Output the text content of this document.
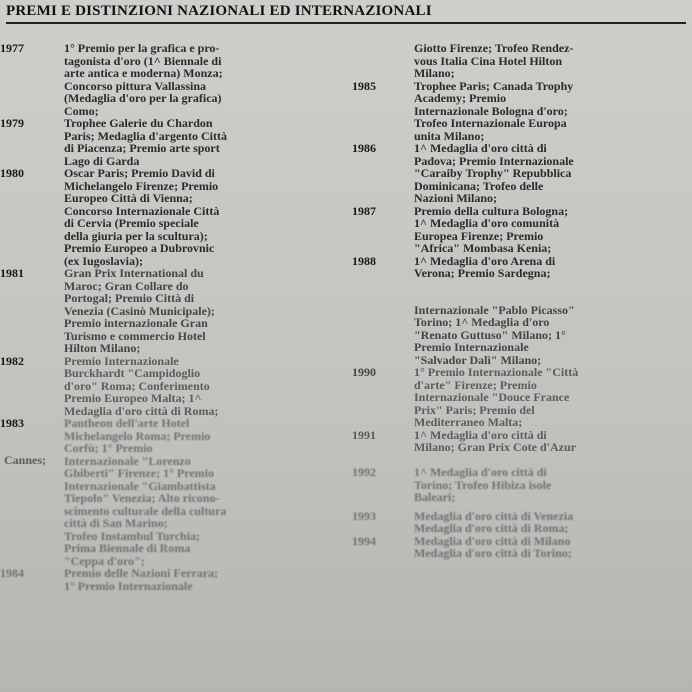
PREMI E DISTINZIONI NAZIONALI ED INTERNAZIONALI
1977	1° Premio per la grafica e pro-
tagonista d'oro (1^ Biennale di
arte antica e moderna) Monza;
Concorso pittura Vallassina
(Medaglia d'oro per la grafica)
Como;
1979	Trophee Galerie du Chardon
Paris; Medaglia d'argento Città
di Piacenza; Premio arte sport
Lago di Garda
1980	Oscar Paris; Premio David di
Michelangelo Firenze; Premio
Europeo Città di Vienna;
Concorso Internazionale Città
di Cervia (Premio speciale
della giuria per la scultura);
Premio Europeo a Dubrovnic
(ex Iugoslavia);
1981	Gran Prix International du
Maroc; Gran Collare do
Portogal; Premio Città di
Venezia (Casinò Municipale);
Premio internazionale Gran
Turismo e commercio Hotel
Hilton Milano;
1982	Premio Internazionale
Burckhardt "Campidoglio
d'oro" Roma; Conferimento
Premio Europeo Malta; 1^
Medaglia d'oro città di Roma;
1983	Pantheon dell'arte Hotel
Michelangelo Roma; Premio
Corfù; 1° Premio
Internazionale "Lorenzo
Ghiberti" Firenze; 1° Premio
Internazionale "Giambattista
Tiepolo" Venezia; Alto ricono-
scimento culturale della cultura
città di San Marino;
Trofeo Instambul Turchia;
Prima Biennale di Roma
"Ceppa d'oro";
1984	Premio delle Nazioni Ferrara;
1° Premio Internazionale
Giotto Firenze; Trofeo Rendez-
vous Italia Cina Hotel Hilton
Milano;
1985	Trophee Paris; Canada Trophy
Academy; Premio
Internazionale Bologna d'oro;
Trofeo Internazionale Europa
unita Milano;
1986	1^ Medaglia d'oro città di
Padova; Premio Internazionale
"Caraiby Trophy" Repubblica
Dominicana; Trofeo delle
Nazioni Milano;
1987	Premio della cultura Bologna;
1^ Medaglia d'oro comunità
Europea Firenze; Premio
"Africa" Mombasa Kenia;
1988	1^ Medaglia d'oro Arena di
Verona; Premio Sardegna;
Internazionale "Pablo Picasso"
Torino; 1^ Medaglia d'oro
"Renato Guttuso" Milano; 1°
Premio Internazionale
"Salvador Dalì" Milano;
1990	1° Premio Internazionale "Città
d'arte" Firenze; Premio
Internazionale "Douce France
Prix" Paris; Premio del
Mediterraneo Malta;
1991	1^ Medaglia d'oro città di
Milano; Gran Prix Cote d'Azur
Cannes;
1992	1^ Medaglia d'oro città di
Torino; Trofeo Hibiza isole
Baleari;
1993	Medaglia d'oro città di Venezia
Medaglia d'oro città di Roma;
1994	Medaglia d'oro città di Milano
Medaglia d'oro città di Torino;
